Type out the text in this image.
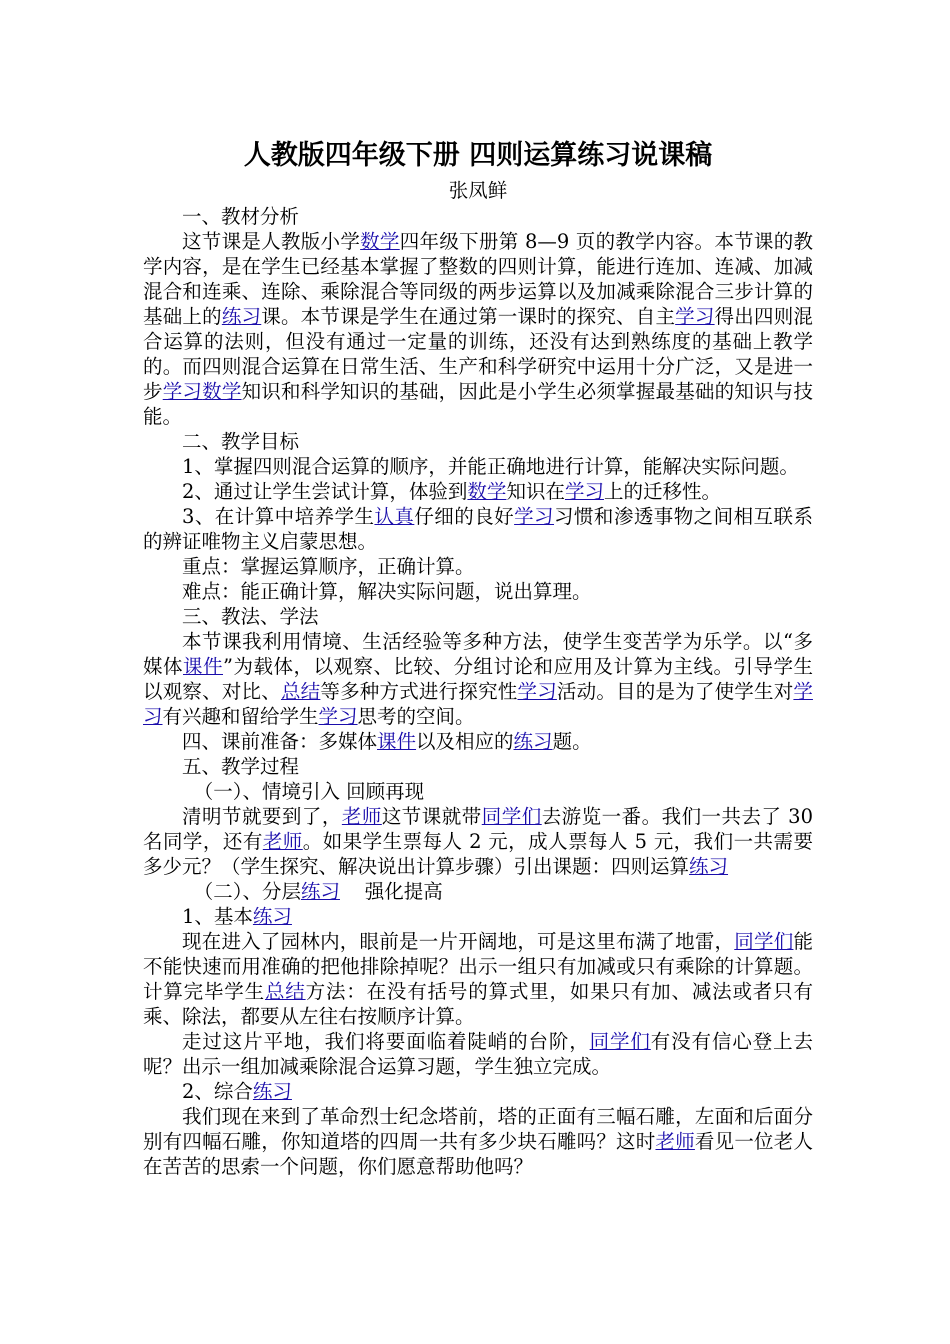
人教版四年级下册 四则运算练习说课稿
张凤鲜
一、教材分析

这节课是人教版小学数学四年级下册第 8—9 页的教学内容。本节课的教学内容，是在学生已经基本掌握了整数的四则计算，能进行连加、连减、加减混合和连乘、连除、乘除混合等同级的两步运算以及加减乘除混合三步计算的基础上的练习课。本节课是学生在通过第一课时的探究、自主学习得出四则混合运算的法则，但没有通过一定量的训练，还没有达到熟练度的基础上教学的。而四则混合运算在日常生活、生产和科学研究中运用十分广泛，又是进一步学习数学知识和科学知识的基础，因此是小学生必须掌握最基础的知识与技能。

二、教学目标

1、掌握四则混合运算的顺序，并能正确地进行计算，能解决实际问题。

2、通过让学生尝试计算，体验到数学知识在学习上的迁移性。

3、在计算中培养学生认真仔细的良好学习习惯和渗透事物之间相互联系的辨证唯物主义启蒙思想。

重点：掌握运算顺序，正确计算。

难点：能正确计算，解决实际问题，说出算理。

三、教法、学法

本节课我利用情境、生活经验等多种方法，使学生变苦学为乐学。以“多媒体课件”为载体，以观察、比较、分组讨论和应用及计算为主线。引导学生以观察、对比、总结等多种方式进行探究性学习活动。目的是为了使学生对学习有兴趣和留给学生学习思考的空间。

四、课前准备：多媒体课件以及相应的练习题。

五、教学过程
（一）、情境引入 回顾再现

清明节就要到了，老师这节课就带同学们去游览一番。我们一共去了 30 名同学，还有老师。如果学生票每人 2 元，成人票每人 5 元，我们一共需要多少元？（学生探究、解决说出计算步骤）引出课题：四则运算练习

（二）、分层练习    强化提高
1、基本练习

现在进入了园林内，眼前是一片开阔地，可是这里布满了地雷，同学们能不能快速而用准确的把他排除掉呢？出示一组只有加减或只有乘除的计算题。计算完毕学生总结方法：在没有括号的算式里，如果只有加、减法或者只有乘、除法，都要从左往右按顺序计算。

走过这片平地，我们将要面临着陡峭的台阶，同学们有没有信心登上去呢？出示一组加减乘除混合运算习题，学生独立完成。

2、综合练习

我们现在来到了革命烈士纪念塔前，塔的正面有三幅石雕，左面和后面分别有四幅石雕，你知道塔的四周一共有多少块石雕吗？这时老师看见一位老人在苦苦的思索一个问题，你们愿意帮助他吗？
